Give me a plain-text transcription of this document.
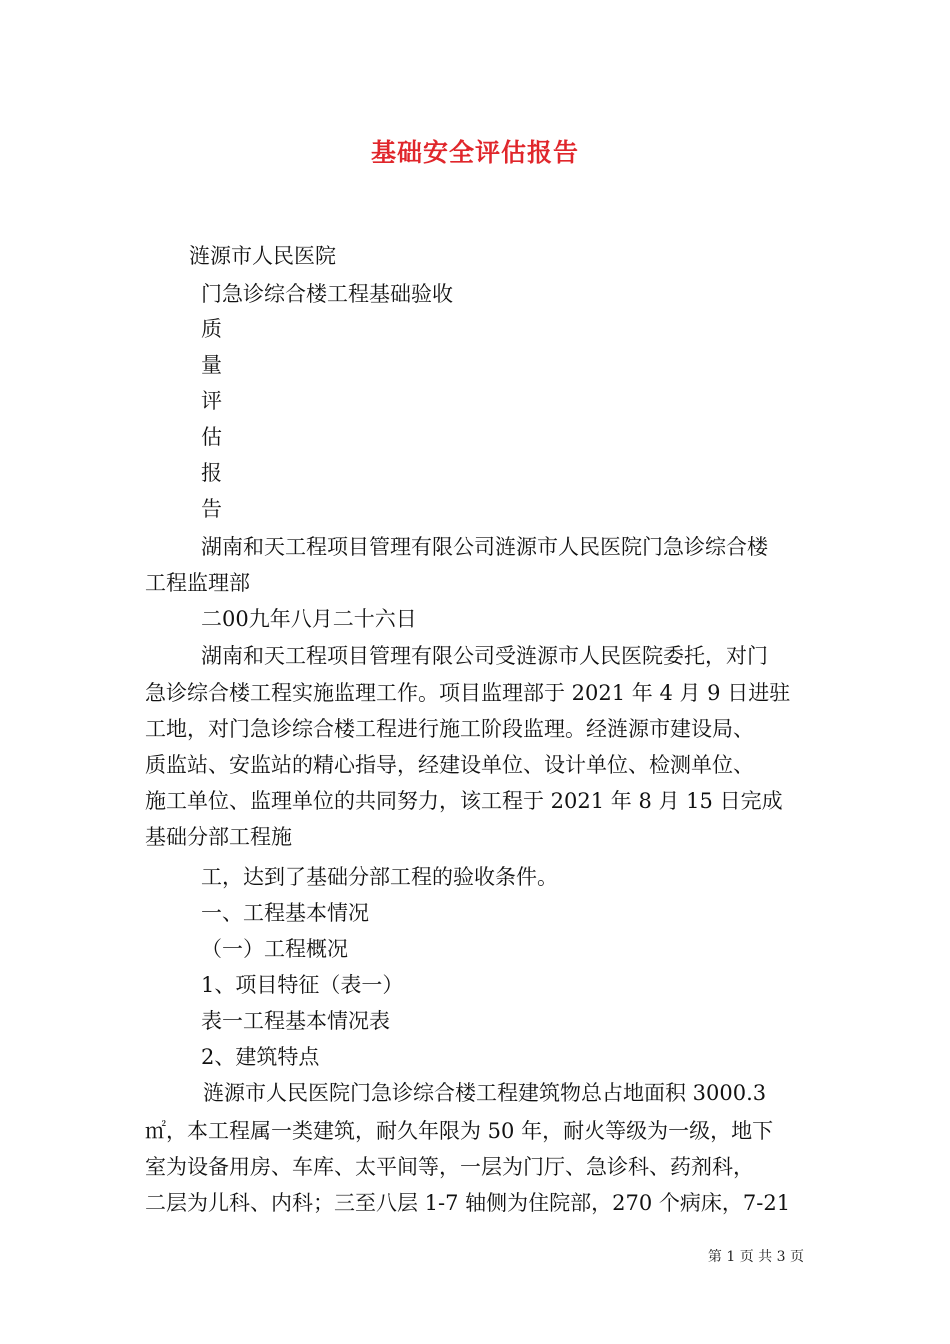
基础安全评估报告
涟源市人民医院
门急诊综合楼工程基础验收
质
量
评
估
报
告
湖南和天工程项目管理有限公司涟源市人民医院门急诊综合楼
工程监理部
二00九年八月二十六日
湖南和天工程项目管理有限公司受涟源市人民医院委托，对门
急诊综合楼工程实施监理工作。项目监理部于 2021 年 4 月 9 日进驻
工地，对门急诊综合楼工程进行施工阶段监理。经涟源市建设局、
质监站、安监站的精心指导，经建设单位、设计单位、检测单位、
施工单位、监理单位的共同努力，该工程于 2021 年 8 月 15 日完成
基础分部工程施
工，达到了基础分部工程的验收条件。
一、工程基本情况
（一）工程概况
1、项目特征（表一）
表一工程基本情况表
2、建筑特点
涟源市人民医院门急诊综合楼工程建筑物总占地面积 3000.3
㎡，本工程属一类建筑，耐久年限为 50 年，耐火等级为一级，地下
室为设备用房、车库、太平间等，一层为门厅、急诊科、药剂科，
二层为儿科、内科；三至八层 1-7 轴侧为住院部，270 个病床，7-21
第 1 页 共 3 页
